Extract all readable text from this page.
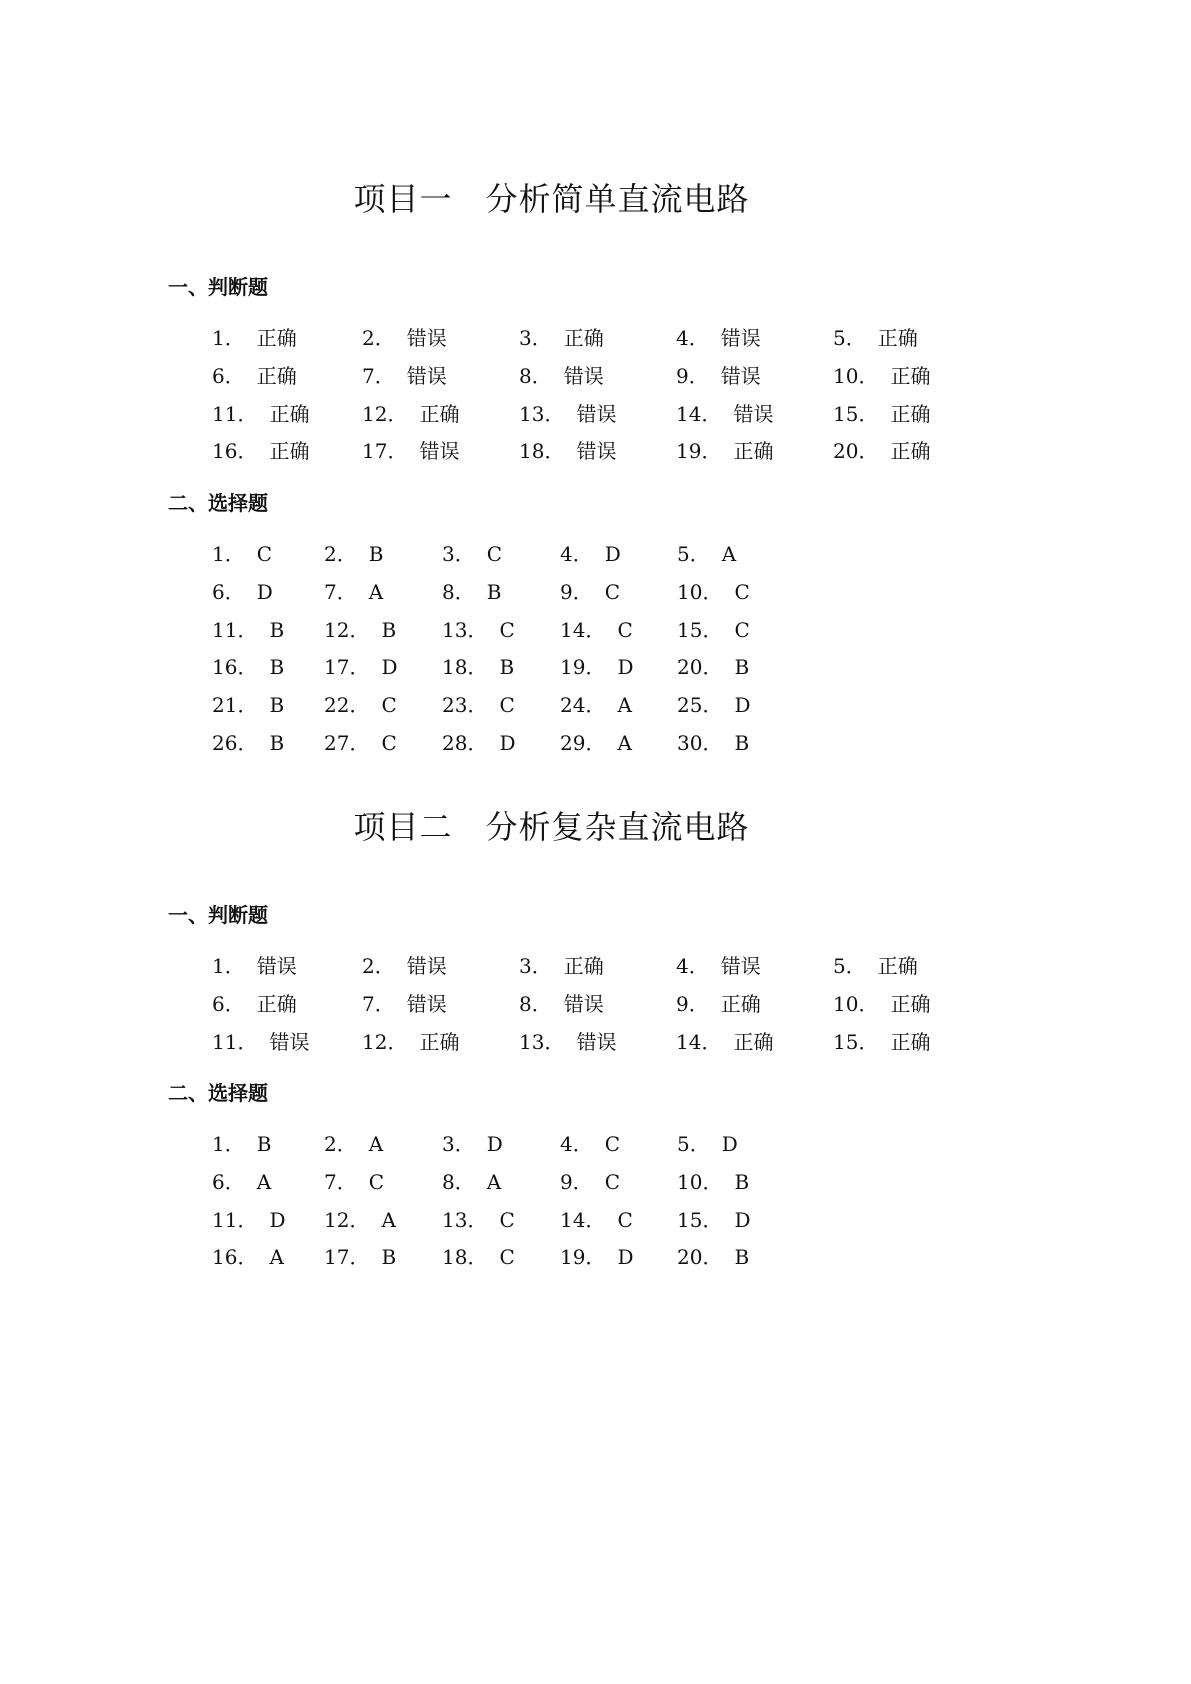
项目一　分析简单直流电路
一、判断题
1． 正确	2． 错误	3． 正确	4． 错误	5． 正确
6． 正确	7． 错误	8． 错误	9． 错误	10． 正确
11． 正确	12． 正确	13． 错误	14． 错误	15． 正确
16． 正确	17． 错误	18． 错误	19． 正确	20． 正确
二、选择题
1． C	2． B	3． C	4． D	5． A
6． D	7． A	8． B	9． C	10． C
11． B	12． B	13． C	14． C	15． C
16． B	17． D	18． B	19． D	20． B
21． B	22． C	23． C	24． A	25． D
26． B	27． C	28． D	29． A	30． B
项目二　分析复杂直流电路
一、判断题
1． 错误	2． 错误	3． 正确	4． 错误	5． 正确
6． 正确	7． 错误	8． 错误	9． 正确	10． 正确
11． 错误	12． 正确	13． 错误	14． 正确	15． 正确
二、选择题
1． B	2． A	3． D	4． C	5． D
6． A	7． C	8． A	9． C	10． B
11． D	12． A	13． C	14． C	15． D
16． A	17． B	18． C	19． D	20． B
